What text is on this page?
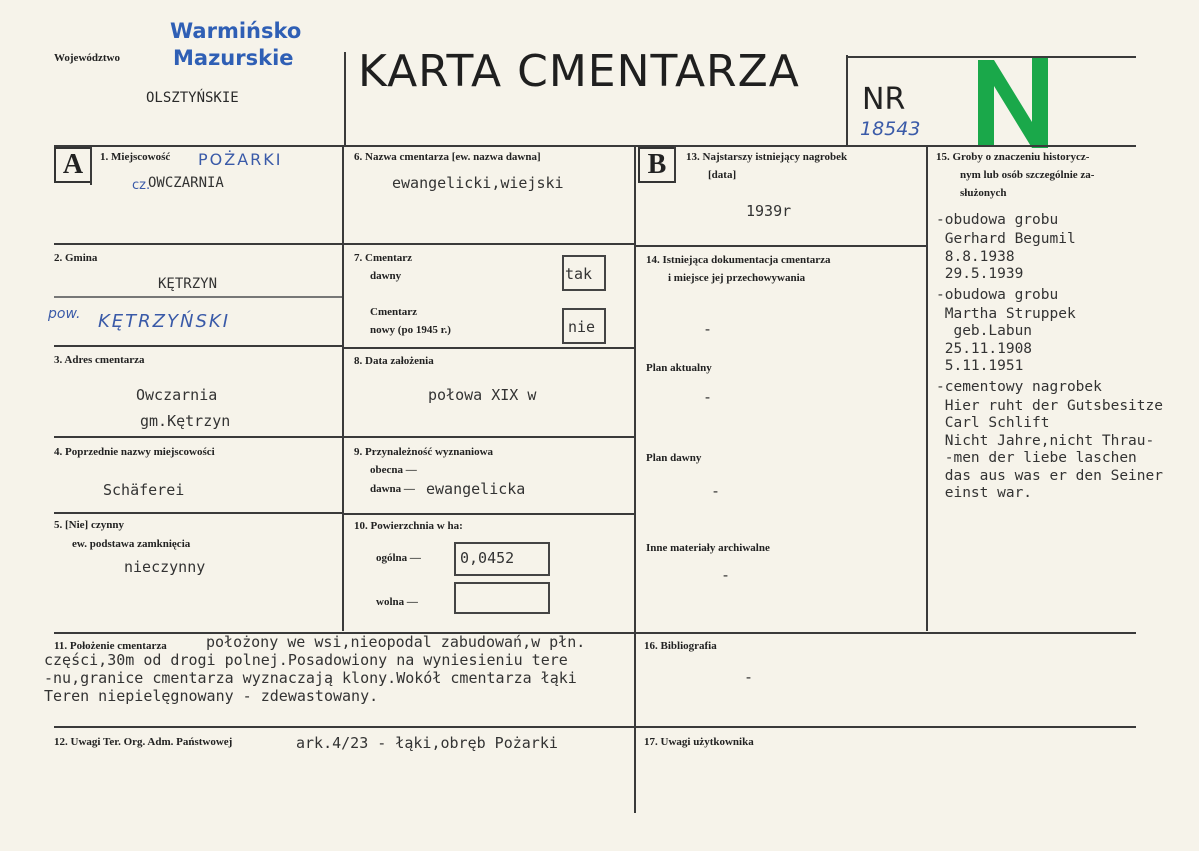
Województwo
Warmińsko
Mazurskie
OLSZTYŃSKIE
KARTA CMENTARZA
NR
18543
A	1. Miejscowość POŻARKI
cz.
OWCZARNIA
2. Gmina
KĘTRZYN
pow. KĘTRZYŃSKI
3. Adres cmentarza
Owczarnia
gm.Kętrzyn
4. Poprzednie nazwy miejscowości
Schäferei
5. [Nie] czynny
ew. podstawa zamknięcia
nieczynny
6. Nazwa cmentarza [ew. nazwa dawna]
ewangelicki,wiejski
7. Cmentarz
dawny	tak
Cmentarz
nowy (po 1945 r.)	nie
8. Data założenia
połowa XIX w
9. Przynależność wyznaniowa
obecna —
dawna — ewangelicka
10. Powierzchnia w ha:
ogólna —	0,0452
wolna —
B	13. Najstarszy istniejący nagrobek
[data]
1939r
14. Istniejąca dokumentacja cmentarza
i miejsce jej przechowywania
-
Plan aktualny
-
Plan dawny
-
Inne materiały archiwalne
-
15. Groby o znaczeniu historycz-
nym lub osób szczególnie za-
służonych
-obudowa grobu
Gerhard Begumil
8.8.1938
29.5.1939
-obudowa grobu
Martha Struppek
geb.Labun
25.11.1908
5.11.1951
-cementowy nagrobek
Hier ruht der Gutsbesitze
Carl Schlift
Nicht Jahre,nicht Thrau-
-men der liebe laschen
das aus was er den Seiner
einst war.
11. Położenie cmentarza	położony we wsi,nieopodal zabudowań,w płn.
części,30m od drogi polnej.Posadowiony na wyniesieniu tere
-nu,granice cmentarza wyznaczają klony.Wokół cmentarza łąki
Teren niepielęgnowany - zdewastowany.
16. Bibliografia
-
12. Uwagi Ter. Org. Adm. Państwowej	ark.4/23 - łąki,obręb Pożarki	17. Uwagi użytkownika
